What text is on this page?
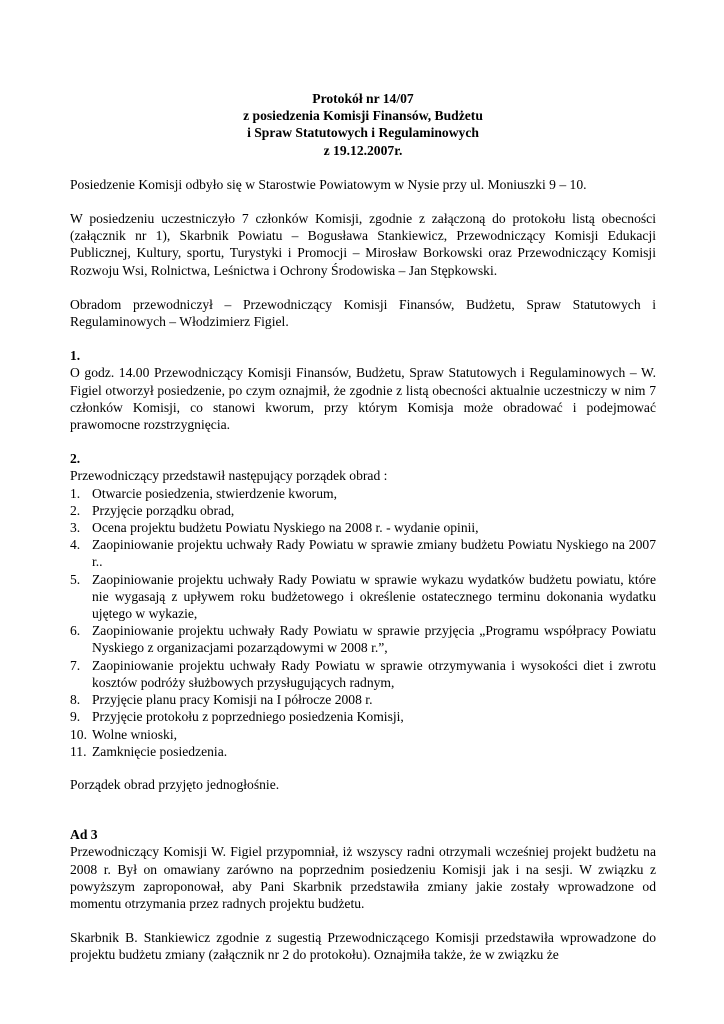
Protokół nr 14/07
z posiedzenia Komisji Finansów, Budżetu
i Spraw Statutowych i Regulaminowych
z 19.12.2007r.

Posiedzenie Komisji odbyło się w Starostwie Powiatowym w Nysie przy ul. Moniuszki 9 – 10.

W posiedzeniu uczestniczyło 7 członków Komisji, zgodnie z załączoną do protokołu listą obecności (załącznik nr 1), Skarbnik Powiatu – Bogusława Stankiewicz, Przewodniczący Komisji Edukacji Publicznej, Kultury, sportu, Turystyki i Promocji – Mirosław Borkowski oraz Przewodniczący Komisji Rozwoju Wsi, Rolnictwa, Leśnictwa i Ochrony Środowiska – Jan Stępkowski.

Obradom przewodniczył – Przewodniczący Komisji Finansów, Budżetu, Spraw Statutowych i Regulaminowych – Włodzimierz Figiel.

1.

O godz. 14.00 Przewodniczący Komisji Finansów, Budżetu, Spraw Statutowych i Regulaminowych – W. Figiel otworzył posiedzenie, po czym oznajmił, że zgodnie z listą obecności aktualnie uczestniczy w nim 7 członków Komisji, co stanowi kworum, przy którym Komisja może obradować i podejmować prawomocne rozstrzygnięcia.

2.

Przewodniczący przedstawił następujący porządek obrad :

1. Otwarcie posiedzenia, stwierdzenie kworum,
2. Przyjęcie porządku obrad,
3. Ocena projektu budżetu Powiatu Nyskiego na 2008 r. - wydanie opinii,
4. Zaopiniowanie projektu uchwały Rady Powiatu w sprawie zmiany budżetu Powiatu Nyskiego na 2007 r..
5. Zaopiniowanie projektu uchwały Rady Powiatu w sprawie wykazu wydatków budżetu powiatu, które nie wygasają z upływem roku budżetowego i określenie ostatecznego terminu dokonania wydatku ujętego w wykazie,
6. Zaopiniowanie projektu uchwały Rady Powiatu w sprawie przyjęcia „Programu współpracy Powiatu Nyskiego z organizacjami pozarządowymi w 2008 r.”,
7. Zaopiniowanie projektu uchwały Rady Powiatu w sprawie otrzymywania i wysokości diet i zwrotu kosztów podróży służbowych przysługujących radnym,
8. Przyjęcie planu pracy Komisji na I półrocze 2008 r.
9. Przyjęcie protokołu z poprzedniego posiedzenia Komisji,
10. Wolne wnioski,
11. Zamknięcie posiedzenia.

Porządek obrad przyjęto jednogłośnie.

Ad 3

Przewodniczący Komisji W. Figiel przypomniał, iż wszyscy radni otrzymali wcześniej projekt budżetu na 2008 r. Był on omawiany zarówno na poprzednim posiedzeniu Komisji jak i na sesji. W związku z powyższym zaproponował, aby Pani Skarbnik przedstawiła zmiany jakie zostały wprowadzone od momentu otrzymania przez radnych projektu budżetu.

Skarbnik B. Stankiewicz zgodnie z sugestią Przewodniczącego Komisji przedstawiła wprowadzone do projektu budżetu zmiany (załącznik nr 2 do protokołu). Oznajmiła także, że w związku że
